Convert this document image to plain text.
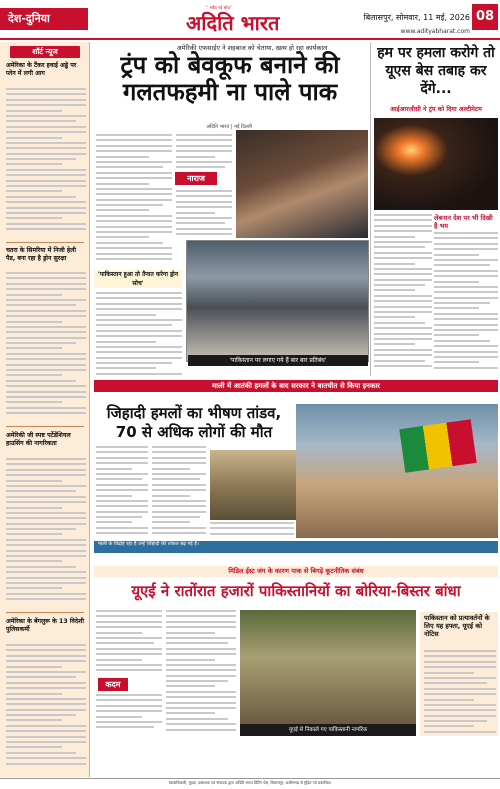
देश-दुनिया
‘‘ सदैव नई सोच’’
अदिति भारत	बिलासपुर, सोमवार, 11 मई, 2026 08
www.adityabharat.com
शॉर्ट न्यूज
अमेरिका के टैंकर हवाई अड्डे पर प्लेन में लगी आग
चतरा के सिमरिया में निजी हेली पैड, बना रहा है ड्रोन सुरक्षा
अमेरिकी जी स्पष्ट पर्टेडेंशियल हाउसिंग की नागरिकता
अमेरिका के बेंगलुरू के 13 विदेशी पुलिसकर्मी
अमेरिकी एफसाईए ने शहबाज को चेताया, खत्म हो रहा कार्यकाल
ट्रंप को बेवकूफ बनाने की गलतफहमी ना पाले पाक
अदिति भारत | नई दिल्ली
नाराज
'पाकिस्तान हुआ तो तैनात करेगा ड्रोन सोच'
'पाकिस्तान पर लगाए गये हैं बार बार प्रतिबंध'
हम पर हमला करोगे तो यूएस बेस तबाह कर देंगे...
आईआरजीसी ने ट्रंप को दिया अल्टीमेटम
लेबनान देश पर भी दिखी है भय
माली में आतंकी हमलों के बाद सरकार ने बातचीत से किया इनकार
जिहादी हमलों का भीषण तांडव, 70 से अधिक लोगों की मौत
माली के विद्रोह रहा है उन्हें जिहादी की ताकत बढ़ गई है।
मिडिल ईस्ट जंग के कारण पाक से बिगड़े कूटनीतिक संबंध
यूएई ने रातोंरात हजारों पाकिस्तानियों का बोरिया-बिस्तर बांधा
कदम
यूएई से निकाले गए पाकिस्तानी नागरिक
पाकिस्तान को प्रत्यावर्तनों के लिए यह हफ्ता, यूएई को नोटिस
स्वत्वाधिकारी, मुद्रक, प्रकाशक एवं संपादक द्वारा अदिति भारत प्रिंटिंग प्रेस, बिलासपुर, छत्तीसगढ़ से मुद्रित एवं प्रकाशित।
